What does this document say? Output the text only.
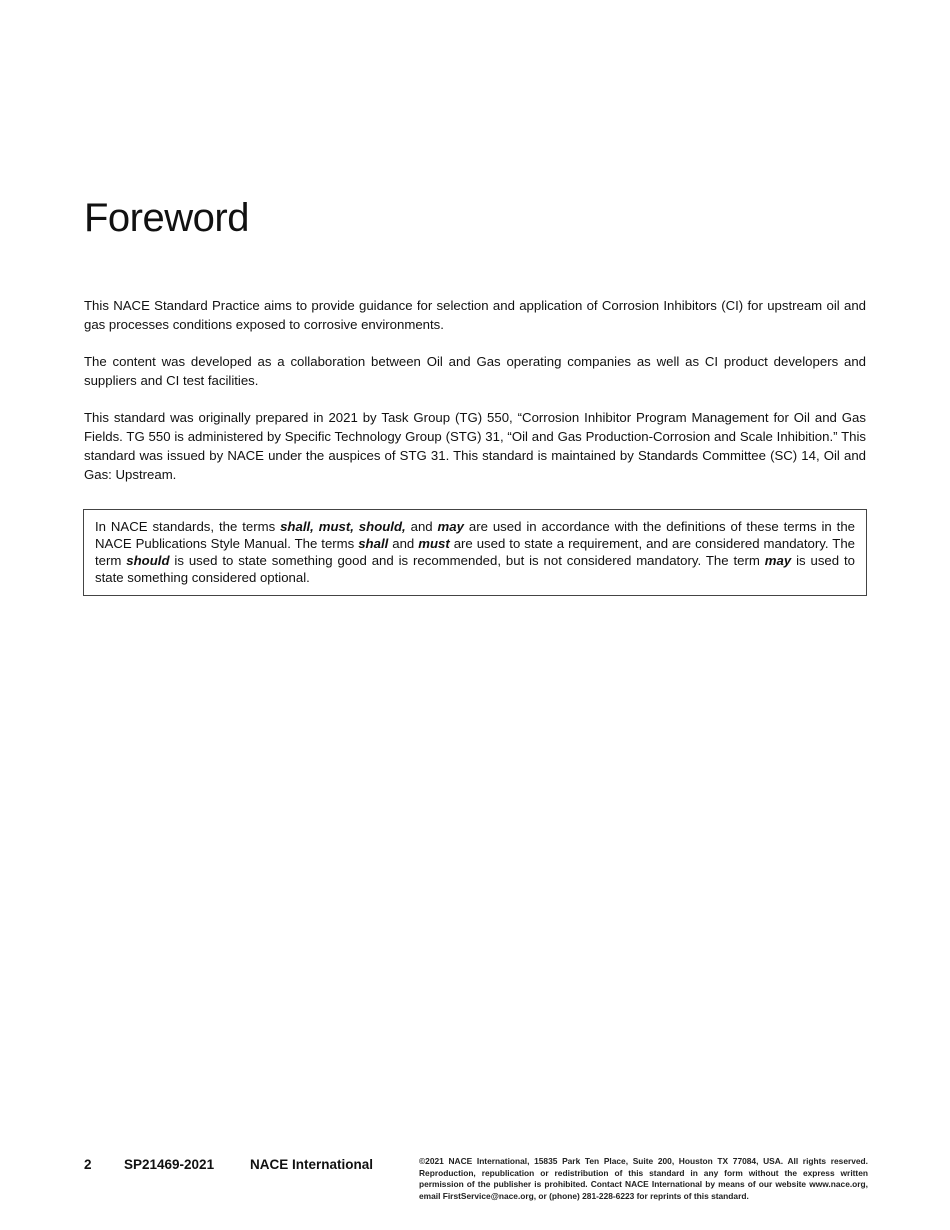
Foreword

This NACE Standard Practice aims to provide guidance for selection and application of Corrosion Inhibitors (CI) for upstream oil and gas processes conditions exposed to corrosive environments.

The content was developed as a collaboration between Oil and Gas operating companies as well as CI product developers and suppliers and CI test facilities.

This standard was originally prepared in 2021 by Task Group (TG) 550, “Corrosion Inhibitor Program Management for Oil and Gas Fields. TG 550 is administered by Specific Technology Group (STG) 31, “Oil and Gas Production-Corrosion and Scale Inhibition.” This standard was issued by NACE under the auspices of STG 31. This standard is maintained by Standards Committee (SC) 14, Oil and Gas: Upstream.

In NACE standards, the terms shall, must, should, and may are used in accordance with the definitions of these terms in the NACE Publications Style Manual. The terms shall and must are used to state a requirement, and are considered mandatory. The term should is used to state something good and is recommended, but is not considered mandatory. The term may is used to state something considered optional.
2 SP21469-2021	NACE International	©2021 NACE International, 15835 Park Ten Place, Suite 200, Houston TX 77084, USA. All rights reserved. Reproduction, republication or redistribution of this standard in any form without the express written permission of the publisher is prohibited. Contact NACE International by means of our website www.nace.org, email FirstService@nace.org, or (phone) 281-228-6223 for reprints of this standard.
